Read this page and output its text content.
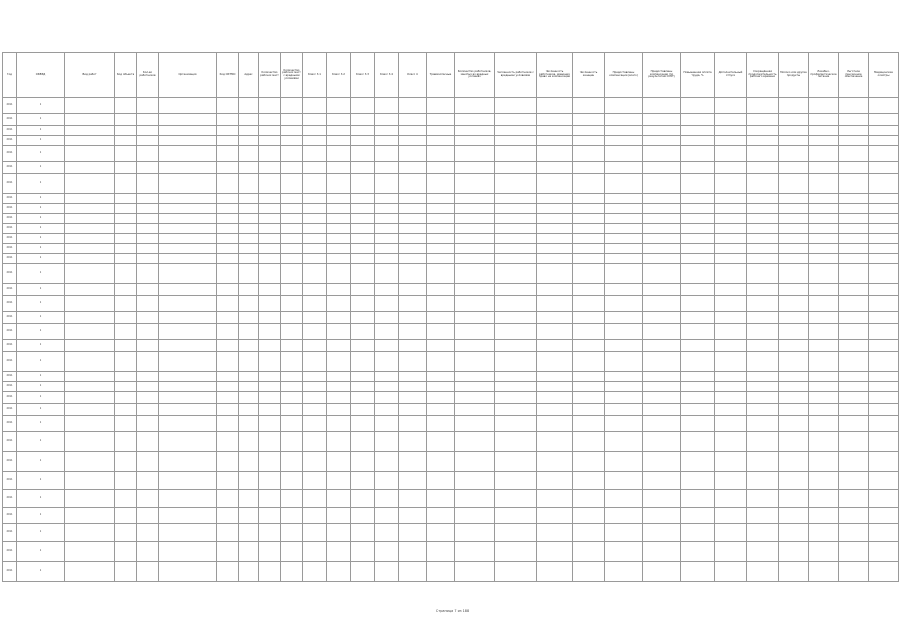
Год	ОКВЭД	Вид работ	Код объекта	Кол-во работников	Организация	Код ОКТМО	Адрес	Количество рабочих мест	Количество рабочих мест с вредными условиями	Класс 3.1	Класс 3.2	Класс 3.3	Класс 3.4	Класс 4	Травмоопасные	Количество работников, занятых во вредных условиях	Численность работников с вредными условиями	Численность работников, имеющих право на компенсации	Численность женщин	Предоставлены компенсации (всего)	Предоставлены компенсации (по результатам СОУТ)	Повышенная оплата труда, %	Дополнительный отпуск	Сокращённая продолжительность рабочего времени	Молоко или другие продукты	Лечебно-профилактическое питание	Льготное пенсионное обеспечение	Медицинские осмотры
2011	1																											
2011	1																											
2011	1																											
2011	1																											
2011	1																											
2011	1																											
2011	1																											
2011	1																											
2011	1																											
2011	1																											
2011	1																											
2011	1																											
2011	1																											
2011	1																											
2011	1																											
2011	1																											
2011	1																											
2011	1																											
2011	1																											
2011	1																											
2011	1																											
2011	1																											
2011	1																											
2011	1																											
2011	1																											
2011	1																											
2011	1																											
2011	1																											
2011	1																											
2011	1																											
2011	1																											
2011	1																											
2011	1																											
2011	1																											
Страница 7 из 188
